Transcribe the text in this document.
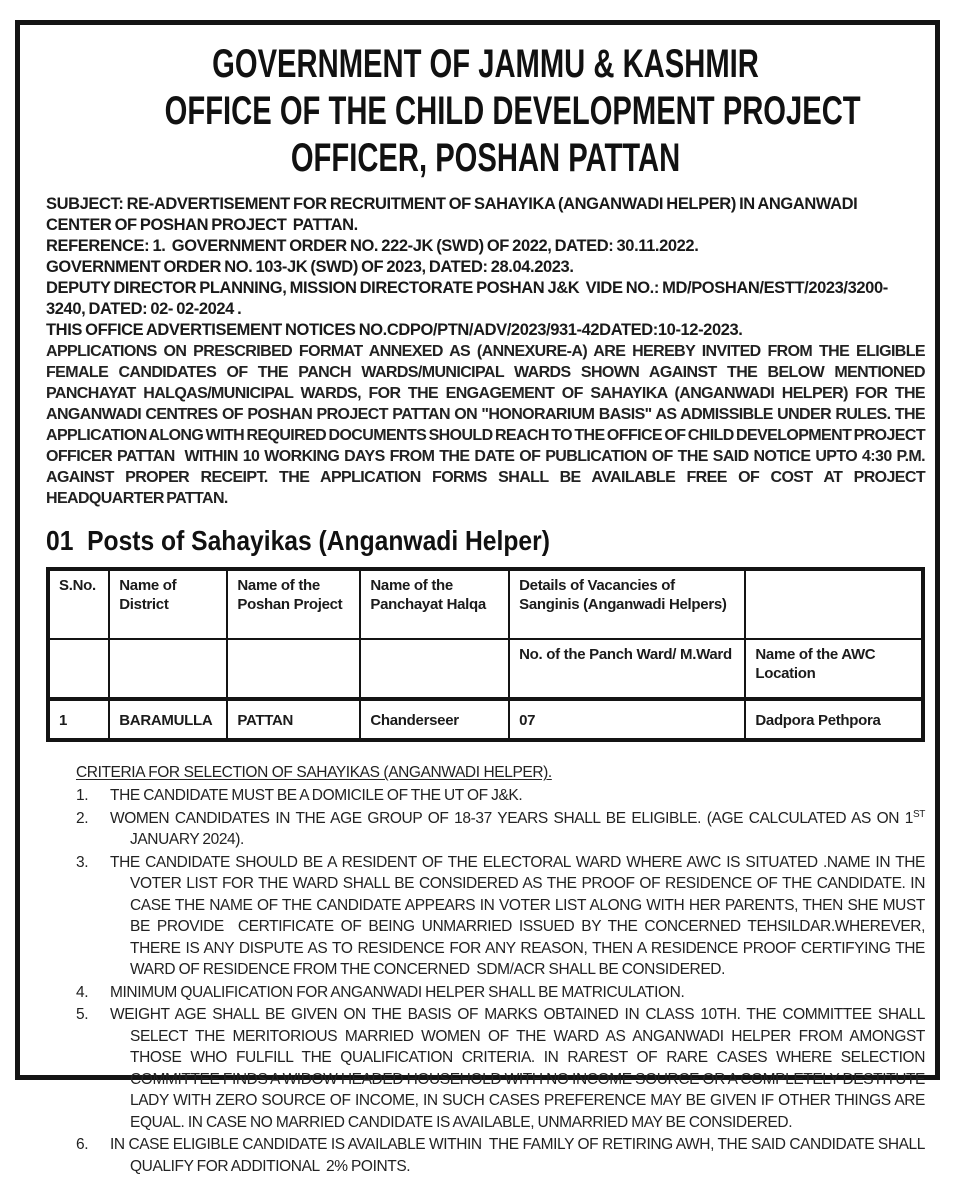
GOVERNMENT OF JAMMU & KASHMIR
OFFICE OF THE CHILD DEVELOPMENT PROJECT
OFFICER, POSHAN PATTAN

SUBJECT: RE-ADVERTISEMENT FOR RECRUITMENT OF SAHAYIKA (ANGANWADI HELPER) IN ANGANWADI CENTER OF POSHAN PROJECT  PATTAN.

REFERENCE: 1.  GOVERNMENT ORDER NO. 222-JK (SWD) OF 2022, DATED: 30.11.2022.

GOVERNMENT ORDER NO. 103-JK (SWD) OF 2023, DATED: 28.04.2023.

DEPUTY DIRECTOR PLANNING, MISSION DIRECTORATE POSHAN J&K  VIDE NO.: MD/POSHAN/ESTT/2023/3200-3240, DATED: 02- 02-2024 .

THIS OFFICE ADVERTISEMENT NOTICES NO.CDPO/PTN/ADV/2023/931-42DATED:10-12-2023.

APPLICATIONS ON PRESCRIBED FORMAT ANNEXED AS (ANNEXURE-A) ARE HEREBY INVITED FROM THE ELIGIBLE FEMALE CANDIDATES OF THE PANCH WARDS/MUNICIPAL WARDS SHOWN AGAINST THE BELOW MENTIONED PANCHAYAT HALQAS/MUNICIPAL WARDS, FOR THE ENGAGEMENT OF SAHAYIKA (ANGANWADI HELPER) FOR THE ANGANWADI CENTRES OF POSHAN PROJECT PATTAN ON "HONORARIUM BASIS" AS ADMISSIBLE UNDER RULES. THE APPLICATION ALONG WITH REQUIRED DOCUMENTS SHOULD REACH TO THE OFFICE OF CHILD DEVELOPMENT PROJECT OFFICER PATTAN  WITHIN 10 WORKING DAYS FROM THE DATE OF PUBLICATION OF THE SAID NOTICE UPTO 4:30 P.M. AGAINST PROPER RECEIPT. THE APPLICATION FORMS SHALL BE AVAILABLE FREE OF COST AT PROJECT HEADQUARTER PATTAN.

01  Posts of Sahayikas (Anganwadi Helper)
S.No.	Name of District	Name of the Poshan Project	Name of the Panchayat Halqa	Details of Vacancies of Sanginis (Anganwadi Helpers)	
				No. of the Panch Ward/ M.Ward	Name of the AWC Location
1	BARAMULLA	PATTAN	Chanderseer	07	Dadpora Pethpora

CRITERIA FOR SELECTION OF SAHAYIKAS (ANGANWADI HELPER).

1.	THE CANDIDATE MUST BE A DOMICILE OF THE UT OF J&K.
2.	WOMEN CANDIDATES IN THE AGE GROUP OF 18-37 YEARS SHALL BE ELIGIBLE. (AGE CALCULATED AS ON 1ST JANUARY 2024).
3.	THE CANDIDATE SHOULD BE A RESIDENT OF THE ELECTORAL WARD WHERE AWC IS SITUATED .NAME IN THE VOTER LIST FOR THE WARD SHALL BE CONSIDERED AS THE PROOF OF RESIDENCE OF THE CANDIDATE. IN CASE THE NAME OF THE CANDIDATE APPEARS IN VOTER LIST ALONG WITH HER PARENTS, THEN SHE MUST BE PROVIDE  CERTIFICATE OF BEING UNMARRIED ISSUED BY THE CONCERNED TEHSILDAR.WHEREVER, THERE IS ANY DISPUTE AS TO RESIDENCE FOR ANY REASON, THEN A RESIDENCE PROOF CERTIFYING THE WARD OF RESIDENCE FROM THE CONCERNED  SDM/ACR SHALL BE CONSIDERED.
4.	MINIMUM QUALIFICATION FOR ANGANWADI HELPER SHALL BE MATRICULATION.
5.	WEIGHT AGE SHALL BE GIVEN ON THE BASIS OF MARKS OBTAINED IN CLASS 10TH. THE COMMITTEE SHALL SELECT THE MERITORIOUS MARRIED WOMEN OF THE WARD AS ANGANWADI HELPER FROM AMONGST THOSE WHO FULFILL THE QUALIFICATION CRITERIA. IN RAREST OF RARE CASES WHERE SELECTION COMMITTEE FINDS A WIDOW HEADED HOUSEHOLD WITH NO INCOME SOURCE OR A COMPLETELY DESTITUTE LADY WITH ZERO SOURCE OF INCOME, IN SUCH CASES PREFERENCE MAY BE GIVEN IF OTHER THINGS ARE EQUAL. IN CASE NO MARRIED CANDIDATE IS AVAILABLE, UNMARRIED MAY BE CONSIDERED.
6.	IN CASE ELIGIBLE CANDIDATE IS AVAILABLE WITHIN  THE FAMILY OF RETIRING AWH, THE SAID CANDIDATE SHALL QUALIFY FOR ADDITIONAL  2% POINTS.
